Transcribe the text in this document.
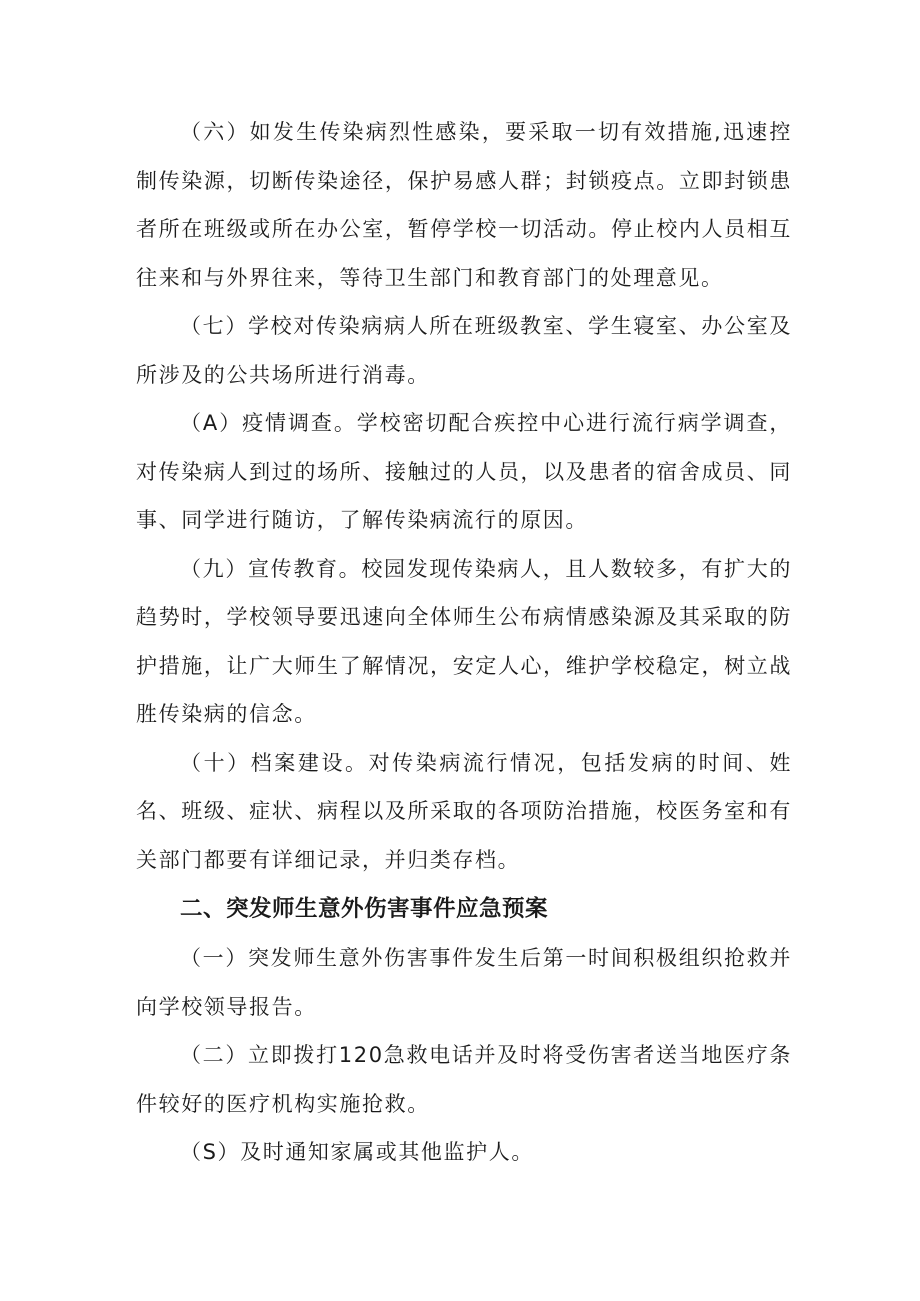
（六）如发生传染病烈性感染，要采取一切有效措施,迅速控制传染源，切断传染途径，保护易感人群；封锁疫点。立即封锁患者所在班级或所在办公室，暂停学校一切活动。停止校内人员相互往来和与外界往来，等待卫生部门和教育部门的处理意见。

（七）学校对传染病病人所在班级教室、学生寝室、办公室及所涉及的公共场所进行消毒。

（A）疫情调查。学校密切配合疾控中心进行流行病学调查，对传染病人到过的场所、接触过的人员，以及患者的宿舍成员、同事、同学进行随访，了解传染病流行的原因。

（九）宣传教育。校园发现传染病人，且人数较多，有扩大的趋势时，学校领导要迅速向全体师生公布病情感染源及其采取的防护措施，让广大师生了解情况，安定人心，维护学校稳定，树立战胜传染病的信念。

（十）档案建设。对传染病流行情况，包括发病的时间、姓名、班级、症状、病程以及所采取的各项防治措施，校医务室和有关部门都要有详细记录，并归类存档。

二、突发师生意外伤害事件应急预案

（一）突发师生意外伤害事件发生后第一时间积极组织抢救并向学校领导报告。

（二）立即拨打120急救电话并及时将受伤害者送当地医疗条件较好的医疗机构实施抢救。

（S）及时通知家属或其他监护人。
